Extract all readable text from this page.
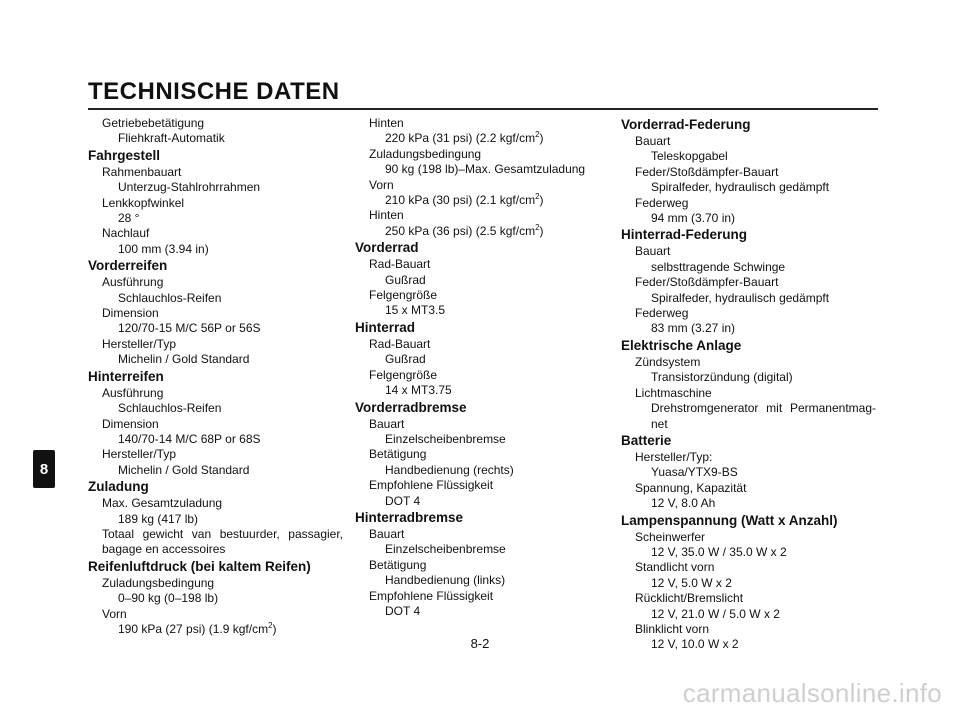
TECHNISCHE DATEN
Getriebebetätigung
Fliehkraft-Automatik
Fahrgestell
Rahmenbauart
Unterzug-Stahlrohrrahmen
Lenkkopfwinkel
28 °
Nachlauf
100 mm (3.94 in)
Vorderreifen
Ausführung
Schlauchlos-Reifen
Dimension
120/70-15 M/C 56P or 56S
Hersteller/Typ
Michelin / Gold Standard
Hinterreifen
Ausführung
Schlauchlos-Reifen
Dimension
140/70-14 M/C 68P or 68S
Hersteller/Typ
Michelin / Gold Standard
Zuladung
Max. Gesamtzuladung
189 kg (417 lb)
Totaal gewicht van bestuurder, passagier,
bagage en accessoires
Reifenluftdruck (bei kaltem Reifen)
Zuladungsbedingung
0–90 kg (0–198 lb)
Vorn
190 kPa (27 psi) (1.9 kgf/$cm^2$)
Hinten
220 kPa (31 psi) (2.2 kgf/$cm^2$)
Zuladungsbedingung
90 kg (198 lb)–Max. Gesamtzuladung
Vorn
210 kPa (30 psi) (2.1 kgf/$cm^2$)
Hinten
250 kPa (36 psi) (2.5 kgf/$cm^2$)
Vorderrad
Rad-Bauart
Gußrad
Felgengröße
15 x MT3.5
Hinterrad
Rad-Bauart
Gußrad
Felgengröße
14 x MT3.75
Vorderradbremse
Bauart
Einzelscheibenbremse
Betätigung
Handbedienung (rechts)
Empfohlene Flüssigkeit
DOT 4
Hinterradbremse
Bauart
Einzelscheibenbremse
Betätigung
Handbedienung (links)
Empfohlene Flüssigkeit
DOT 4
Vorderrad-Federung
Bauart
Teleskopgabel
Feder/Stoßdämpfer-Bauart
Spiralfeder, hydraulisch gedämpft
Federweg
94 mm (3.70 in)
Hinterrad-Federung
Bauart
selbsttragende Schwinge
Feder/Stoßdämpfer-Bauart
Spiralfeder, hydraulisch gedämpft
Federweg
83 mm (3.27 in)
Elektrische Anlage
Zündsystem
Transistorzündung (digital)
Lichtmaschine
Drehstromgenerator mit Permanentmag-
net
Batterie
Hersteller/Typ:
Yuasa/YTX9-BS
Spannung, Kapazität
12 V, 8.0 Ah
Lampenspannung (Watt x Anzahl)
Scheinwerfer
12 V, 35.0 W / 35.0 W x 2
Standlicht vorn
12 V, 5.0 W x 2
Rücklicht/Bremslicht
12 V, 21.0 W / 5.0 W x 2
Blinklicht vorn
12 V, 10.0 W x 2
8
8-2
carmanualsonline.info
